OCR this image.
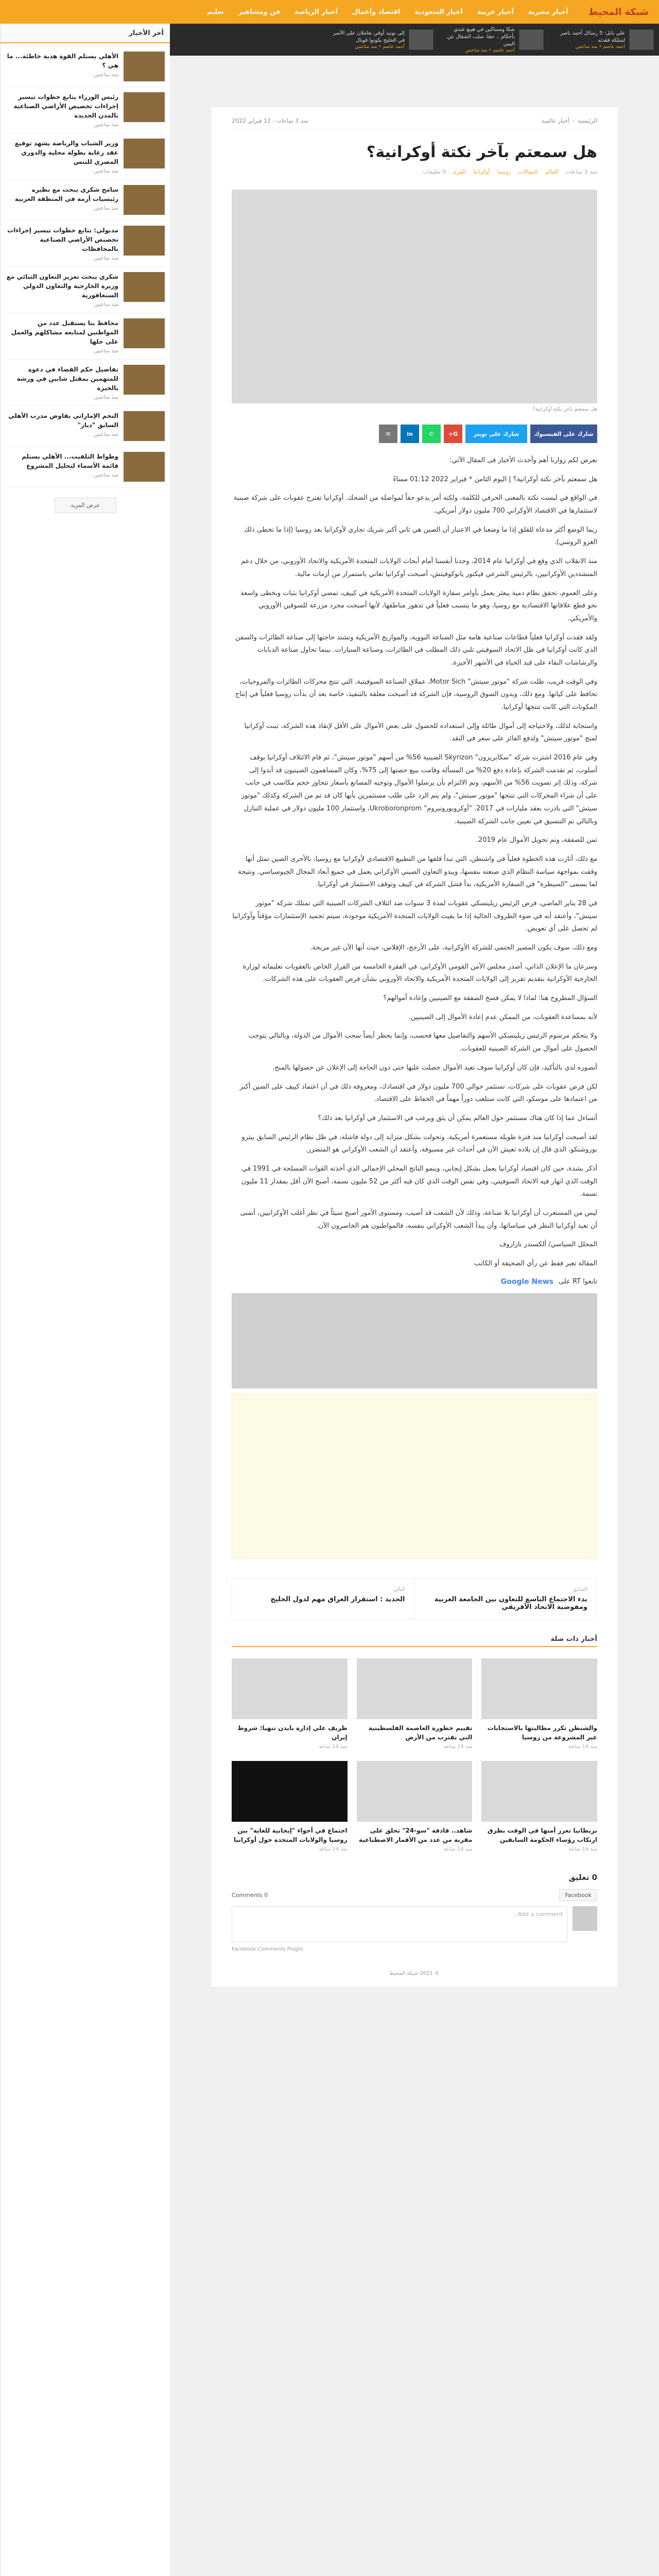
شبكة المحيط
أخبار مصرية
أخبار عربية
أخبار السعودية
اقتصاد وأعمال
أخبار الرياضة
فن ومشاهير
تعليم
علي بابل: 5 رسائل أحمد ناصر لشلكة فقدته
أحمد عاصم • منذ ساعتين
شكا ومساكين في هيبع عندي بأحكام .. حقا، سلب الشغال عن اليمن
أحمد عاصم • منذ ساعتين
إلى نونيد أوقي تعاملان على الأسر في الخليج بكونوا قوبال
أحمد عاصم • منذ ساعتين
أخر الأخبار
الأهلي يستلم القوة هدية خاطئة... ما هي ؟
منذ ساعتين
رئيس الوزراء يتابع خطوات تيسير إجراءات تخصيص الأراضي الصناعية بالمدن الجديدة
منذ ساعتين
وزير الشباب والرياضة يشهد توقيع عقد رعاية بطولة محلية والدوري المصري للتنس
منذ ساعتين
سامح شكري يبحث مع نظيره رئيسيات أزمة في المنطقة العربية
منذ ساعتين
مدبولي: نتابع خطوات تيسير إجراءات تخصيص الأراضي الصناعية بالمحافظات
منذ ساعتين
شكري يبحث تعزيز التعاون الثنائي مع وزيرة الخارجية والتعاون الدولي السنغافورية
منذ ساعتين
محافظ بنا يستقبل عدد من المواطنين لمتابعة مشاكلهم والعمل على حلها
منذ ساعتين
تفاصيل حكم القضاء في دعوة للمتهمين بمقتل شابين في ورشة بالجيزة
منذ ساعتين
النجم الإماراتي يفاوض مدرب الأهلي السابق "دياز"
منذ ساعتين
وطواط التلفيت... الأهلي يستلم قائمة الأسماء لتحليل المشروع
منذ ساعتين
عرض المزيد
الرئيسية
›
أخبار عالمية
منذ 3 ساعات - 12 فبراير 2022
هل سمعتم بآخر نكتة أوكرانية؟
منذ 3 ساعات
العالم
المقالات
روسيا
أوكرانيا
القرم
0 تعليقات
هل سمعتم بآخر نكتة أوكرانية؟
شارك على الفيسبوك
شارك على تويتر
G+
✆
in
✉

نعرض لكم زوارنا أهم وأحدث الأخبار فى المقال الآتي:

هل سمعتم بآخر نكتة أوكرانية؟ | اليوم الثامن * فبراير 2022 01:12 مساءً

في الواقع في ليست نكتة بالمعنى الحرفي للكلمة، ولكنه أمر يدعو حقاً لمواصلة من الضحك. أوكرانيا تقترح عقوبات على شركة صينية لاستثمارها في الاقتصاد الأوكراني 700 مليون دولار أمريكي.

ربما الوضع أكثر مدعاة للقلق إذا ما وضعنا في الاعتبار أن الصين هي ثاني أكبر شريك تجاري لأوكرانيا بعد روسيا (إذا ما تخطى ذلك الغزو الروسي).

منذ الانقلاب الذي وقع في أوكرانيا عام 2014، وجدنا أنفسنا أمام أبحاث الولايات المتحدة الأمريكية والاتحاد الأوروبي، من خلال دعم المتشددين الأوكرانيين، بالرئيس الشرعي فيكتور يانوكوفيتش، أصبحت أوكرانيا تعاني باستمرار من أزمات مالية.

وعلى العموم، تحقق نظام دمية يبعثر يعمل بأوامر سفارة الولايات المتحدة الأمريكية في كييف، تمضي أوكرانيا بثبات وبخطى واسعة نحو قطع علاقاتها الاقتصادية مع روسيا، وهو ما يتسبب فعلياً في تدهور مناطقها، لأنها أصبحت مجرد مزرعة للسوقين الأوروبي والأمريكي.

ولقد فقدت أوكرانيا فعلياً قطاعات صناعية هامة مثل الصناعة النووية، والمواريج الأمريكية وتشتد حاجتها إلى صناعة الطائرات والسفن الذي كانت أوكرانيا في ظل الاتحاد السوفيتي تلبي ذلك المطلب في الطائرات، وصناعة السيارات. بينما تحاول صناعة الدبابات والرشاشات البقاء على قيد الحياة في الأشهر الأخيرة.

وفي الوقت قريب، ظلت شركة "موتور سيتش" Motor Sich، عملاق الصناعة السوفيتية، التي تنتج محركات الطائرات والمروحيات، تحافظ على كيانها. ومع ذلك، وبدون السوق الروسية، فإن الشركة قد أصبحت معلقة بالتنفيذ، خاصة بعد أن بدأت روسيا فعلياً في إنتاج المكونات التي كانت تنتجها أوكرانيا.

واستجابة لذلك، ولاحتياجه إلى أموال طائلة وإلى استعداده للحصول على بعض الأموال على الأقل لإنقاذ هذه الشركة، تبنت أوكرانيا لمنح "موتور سيتش" ولدفع الفائز على سعر في النقد.

وفي عام 2016 اشترت شركة "سكايريزون" Skyrizon الصينية 56% من أسهم "موتور سيتش"، ثم قام الائتلاف أوكرانيا بوقف أسلوب، ثم تقدمت الشركة بإعادة دفع 20% من المسألة وقامت ببيع حصتها إلى 75%، وكان المساهمون الصينيون قد أبدوا إلى شركة، وذلك إثر تصويت 56% من الأسهم، وتم الالتزام بأن يرسلوا الأموال وتوجيه المصانع بأسعار تتجاوز حجم مكاسب في جانب على أن شراء المحركات التي تنتجها "موتور سيتش"، ولم يتم الرد على طلب مستثمرين بأنها كان قد تم من الشركة وكذلك "موتور سيتش" التي بادرت بعقد مليارات في 2017. "أوكروبورونبروم" Ukroboronprom، واستثمار 100 مليون دولار في عملية التنازل وبالتالي تم التنسيق في تعيين جانب الشركة الصينية.

ثمن للصفقة، وتم تحويل الأموال عام 2019.

مع ذلك، أثارت هذه الخطوة فعلياً في واشنطن، التي تبدأ قلقها من التطبيع الاقتصادي لأوكرانيا مع روسيا، بالأحرى الصين تمثل أنها وقفت بمواجهة سياسة النظام الذي صنعته بنفسها، ويبدو التعاون الصيني الأوكراني يعمل في جميع أبعاد المجال الجيوسياسي. ونتيجة لما يسمى "السيطرة" في السفارة الأمريكية، بدأ فشل الشركة في كييف وتوقف الاستثمار في أوكرانيا.

في 28 يناير الماضي، فرض الرئيس زيلينسكي عقوبات لمدة 3 سنوات ضد ائتلاف الشركات الصينية التي تمتلك شركة "موتور سيتش"، وأعتقد أنه في ضوء الظروف الحالية إذا ما بقيت الولايات المتحدة الأمريكية موجودة، سيتم تجميد الإستثمارات مؤقتاً وأوكرانيا لم تحصل على أي تعويض.

ومع ذلك، سوف يكون المصير الحتمي للشركة الأوكرانية، على الأرجح، الإفلاس، حيث أنها الآن غير مربحة.

وسرعان ما الإعلان الذاتي، أصدر مجلس الأمن القومي الأوكراني، في الفقرة الخامسة من القرار الخاص بالعقوبات تعليماته لوزارة الخارجية الأوكرانية بتقديم تقرير إلى الولايات المتحدة الأمريكية والاتحاد الأوروبي بشأن فرض العقوبات على هذه الشركات.

السؤال المطروح هنا: لماذا لا يمكن فسخ الصفقة مع الصينيين وإعادة أموالهم؟

لأنه بمساعدة العقوبات، من الممكن عدم إعادة الأموال إلى الصينيين.

ولا يتحكم مرسوم الرئيس زيلينسكي الأسهم والتفاصيل معها فحسب، وإنما يحظر أيضاً سحب الأموال من الدولة، وبالتالي يتوجب الحصول على أموال من الشركة الصينية للعقوبات.

أتصوره لدي بالتأكيد، فإن كان أوكرانيا سوف تعيد الأموال حصلت عليها حتى دون الحاجة إلى الإعلان عن حصولها بالمنح.

لكن فرض عقوبات على شركات، تستثمر حوالي 700 مليون دولار في اقتصادك، ومعروفة ذلك في أن اعتماد كييف على الصين أكبر من اعتمادها على موسكو، التي كانت ستلعب دوراً مهماً في الحفاظ على الاقتصاد.

أتساءل عما إذا كان هناك مستثمر حول العالم يمكن أن يثق ويرغب في الاستثمار في أوكرانيا بعد ذلك؟

لقد أصبحت أوكرانيا منذ فترة طويلة مستعمرة أمريكية، وتحولت بشكل متزايد إلى دولة فاشلة، في ظل نظام الرئيس السابق بيترو بوروشنكو، الذي قال إن بلاده تعيش الآن في أحداث غير مسبوقة، وأعتقد أن الشعب الأوكراني هو المتضرر.

أذكر بشدة، حين كان اقتصاد أوكرانيا يعمل بشكل إيجابي، وينمو الناتج المحلي الإجمالي الذي أخذته القوات المسلحة في 1991 في الوقت الذي انهار فيه الاتحاد السوفيتي، وفي نفس الوقت الذي كان فيه أكثر من 52 مليون نسمة، أصبح الآن أقل بمقدار 11 مليون نسمة.

ليس من المستغرب أن أوكرانيا بلا صناعة، وذلك لأن الشعب قد أصيب، ومستوى الأمور أصبح سيئاً في نظر أغلب الأوكرانيين، أتمنى أن تعيد أوكرانيا النظر في سياساتها، وأن يبدأ الشعب الأوكراني بنفسه، فالمواطنون هم الخاسرون الآن.

المحلل السياسي/ ألكسندر نازاروف

المقالة تعبر فقط عن رأي الصحيفة أو الكاتب

تابعوا RT على
Google News
السابق
بدء الاجتماع التاسع للتعاون بين الجامعة العربية ومفوضية الاتحاد الأفريقي
التالي
الجديد : استقرار العراق مهم لدول الخليج
أخبار ذات صلة
والشنطن تكرر مطالبتها بالاستجابات غير المشروعة من روسيا
منذ 14 ساعة
تقييم خطورة العاصمة الفلسطينية التي تقترب من الأرض
منذ 14 ساعة
طريف علي إدارة بايدن تنهيا: شروط إيران
منذ 14 ساعة
بريطانيا تعزز أمنها في الوقت بطرق ارتكاب رؤساء الحكومة السابقين
منذ 14 ساعة
شاهد.. قاذفة "سو-24" تحلق على مقربة من عدد من الأقمار الاصطناعية
منذ 14 ساعة
اجتماع في أجواء "إيجابية للغاية" بين روسيا والولايات المتحدة حول أوكرانيا
منذ 14 ساعة
0 تعليق
Facebook
0 Comments
Add a comment...
Facebook Comments Plugin
© 2021 شبكة المحيط
